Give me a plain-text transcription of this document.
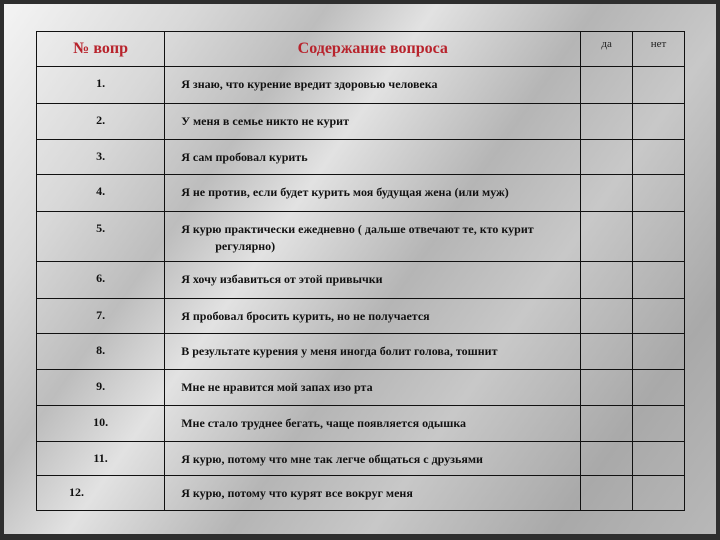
№ вопр	Содержание вопроса	да	нет
1.	Я знаю, что курение вредит здоровью человека		

2.	У меня в семье никто не курит		

3.	Я сам пробовал курить		

4.	Я не против, если будет курить моя будущая жена (или муж)		

5.	Я курю практически ежедневно ( дальше отвечают те, кто курит
регулярно)		

6.	Я хочу избавиться от этой привычки		

7.	Я пробовал бросить курить, но не получается		

8.	В результате курения у меня иногда болит голова, тошнит		

9.	Мне не нравится мой запах изо рта		

10.	Мне стало труднее бегать, чаще появляется одышка		

11.	Я курю, потому что мне так легче общаться с друзьями		

12.	Я курю, потому что курят все вокруг меня		
